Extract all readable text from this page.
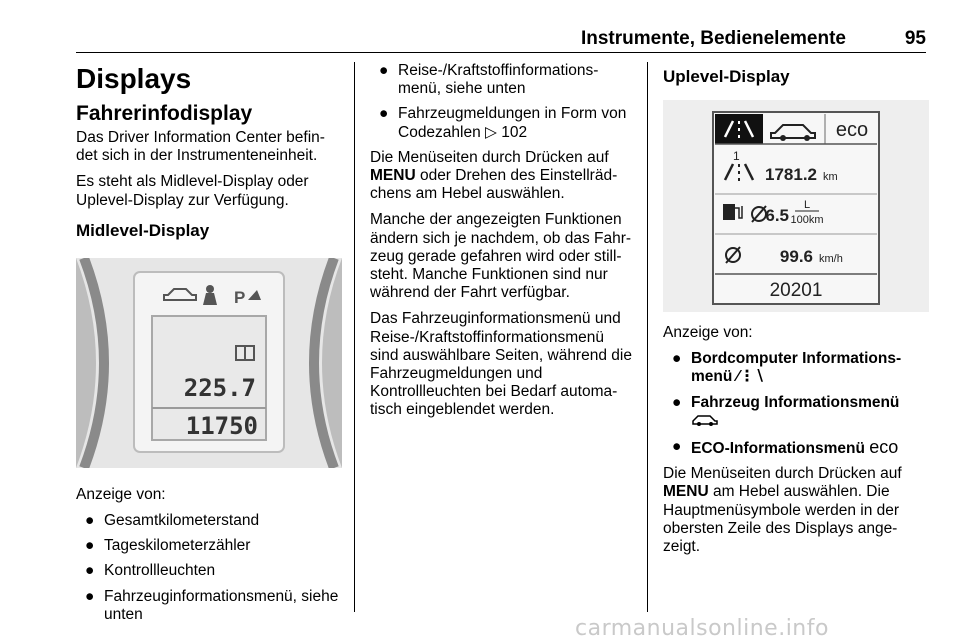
Instrumente, Bedienelemente	95
Displays
Fahrerinfodisplay

Das Driver Information Center befin-det sich in der Instrumenteneinheit.

Es steht als Midlevel-Display oder Uplevel-Display zur Verfügung.

Midlevel-Display
P
225.7
11750

Anzeige von:

● Gesamtkilometerstand
● Tageskilometerzähler
● Kontrollleuchten
● Fahrzeuginformationsmenü, siehe unten
● Reise-/Kraftstoffinformations-menü, siehe unten
● Fahrzeugmeldungen in Form von Codezahlen ▷ 102

Die Menüseiten durch Drücken auf
MENU oder Drehen des Einstellräd-chens am Hebel auswählen.

Manche der angezeigten Funktionen ändern sich je nachdem, ob das Fahr-zeug gerade gefahren wird oder still-steht. Manche Funktionen sind nur während der Fahrt verfügbar.

Das Fahrzeuginformationsmenü und Reise-/Kraftstoffinformationsmenü sind auswählbare Seiten, während die Fahrzeugmeldungen und Kontrollleuchten bei Bedarf automa-tisch eingeblendet werden.

Uplevel-Display
eco
1
1781.2 km
6.5
L
100km
99.6 km/h
20201

Anzeige von:

● Bordcomputer Informations-menü ⁄⋮∖
● Fahrzeug Informationsmenü

● ECO-Informationsmenü eco

Die Menüseiten durch Drücken auf
MENU am Hebel auswählen. Die Hauptmenüsymbole werden in der obersten Zeile des Displays ange-zeigt.

carmanualsonline.info
